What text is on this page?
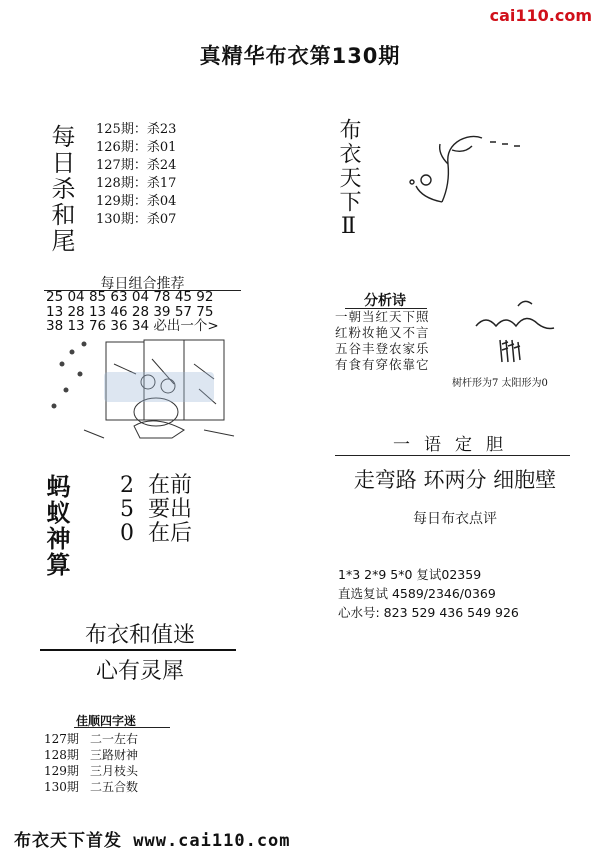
cai110.com
真精华布衣第130期
每日杀和尾 125期：杀23
126期：杀01
127期：杀24
128期：杀17
129期：杀04
130期：杀07
每日组合推荐
25 04 85 63 04 78 45 92
13 28 13 46 28 39 57 75
38 13 76 36 34 必出一个>
蚂蚁神算 2 在前
5 要出
0 在后
布衣和值迷
心有灵犀
佳顺四字迷
127期 二一左右
128期 三路财神
129期 三月枝头
130期 二五合数
布衣天下首发 www.cai110.com
布衣天下Ⅱ
分析诗
一朝当红天下照
红粉妆艳又不言
五谷丰登农家乐
有食有穿依靠它
树杆形为7 太阳形为0
一语定胆
走弯路 环两分 细胞壁
每日布衣点评
1*3 2*9 5*0 复试02359
直选复试 4589/2346/0369
心水号: 823 529 436 549 926
